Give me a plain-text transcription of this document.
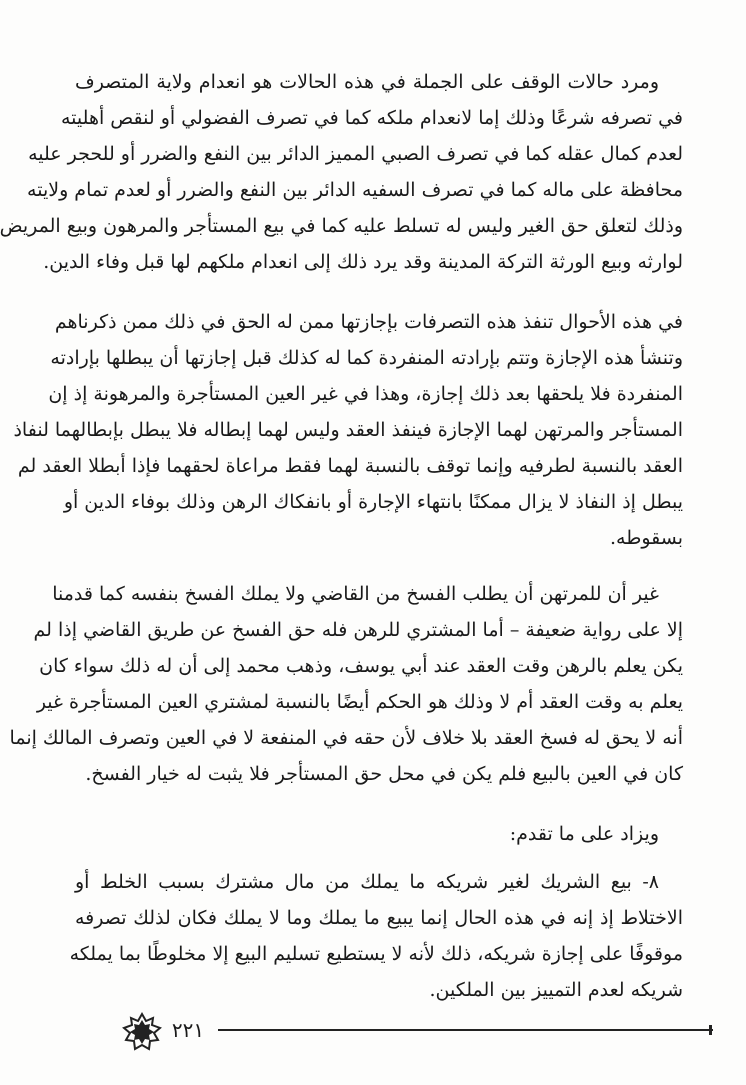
ومرد حالات الوقف على الجملة في هذه الحالات هو انعدام ولاية المتصرف
في تصرفه شرعًا وذلك إما لانعدام ملكه كما في تصرف الفضولي أو لنقص أهليته
لعدم كمال عقله كما في تصرف الصبي المميز الدائر بين النفع والضرر أو للحجر عليه
محافظة على ماله كما في تصرف السفيه الدائر بين النفع والضرر أو لعدم تمام ولايته
وذلك لتعلق حق الغير وليس له تسلط عليه كما في بيع المستأجر والمرهون وبيع المريض
لوارثه وبيع الورثة التركة المدينة وقد يرد ذلك إلى انعدام ملكهم لها قبل وفاء الدين.
في هذه الأحوال تنفذ هذه التصرفات بإجازتها ممن له الحق في ذلك ممن ذكرناهم
وتنشأ هذه الإجازة وتتم بإرادته المنفردة كما له كذلك قبل إجازتها أن يبطلها بإرادته
المنفردة فلا يلحقها بعد ذلك إجازة، وهذا في غير العين المستأجرة والمرهونة إذ إن
المستأجر والمرتهن لهما الإجازة فينفذ العقد وليس لهما إبطاله فلا يبطل بإبطالهما لنفاذ
العقد بالنسبة لطرفيه وإنما توقف بالنسبة لهما فقط مراعاة لحقهما فإذا أبطلا العقد لم
يبطل إذ النفاذ لا يزال ممكنًا بانتهاء الإجارة أو بانفكاك الرهن وذلك بوفاء الدين أو
بسقوطه.
غير أن للمرتهن أن يطلب الفسخ من القاضي ولا يملك الفسخ بنفسه كما قدمنا
إلا على رواية ضعيفة – أما المشتري للرهن فله حق الفسخ عن طريق القاضي إذا لم
يكن يعلم بالرهن وقت العقد عند أبي يوسف، وذهب محمد إلى أن له ذلك سواء كان
يعلم به وقت العقد أم لا وذلك هو الحكم أيضًا بالنسبة لمشتري العين المستأجرة غير
أنه لا يحق له فسخ العقد بلا خلاف لأن حقه في المنفعة لا في العين وتصرف المالك إنما
كان في العين بالبيع فلم يكن في محل حق المستأجر فلا يثبت له خيار الفسخ.
ويزاد على ما تقدم:
٨- بيع الشريك لغير شريكه ما يملك من مال مشترك بسبب الخلط أو
الاختلاط إذ إنه في هذه الحال إنما يبيع ما يملك وما لا يملك فكان لذلك تصرفه
موقوفًا على إجازة شريكه، ذلك لأنه لا يستطيع تسليم البيع إلا مخلوطًا بما يملكه
شريكه لعدم التمييز بين الملكين.
٢٢١
